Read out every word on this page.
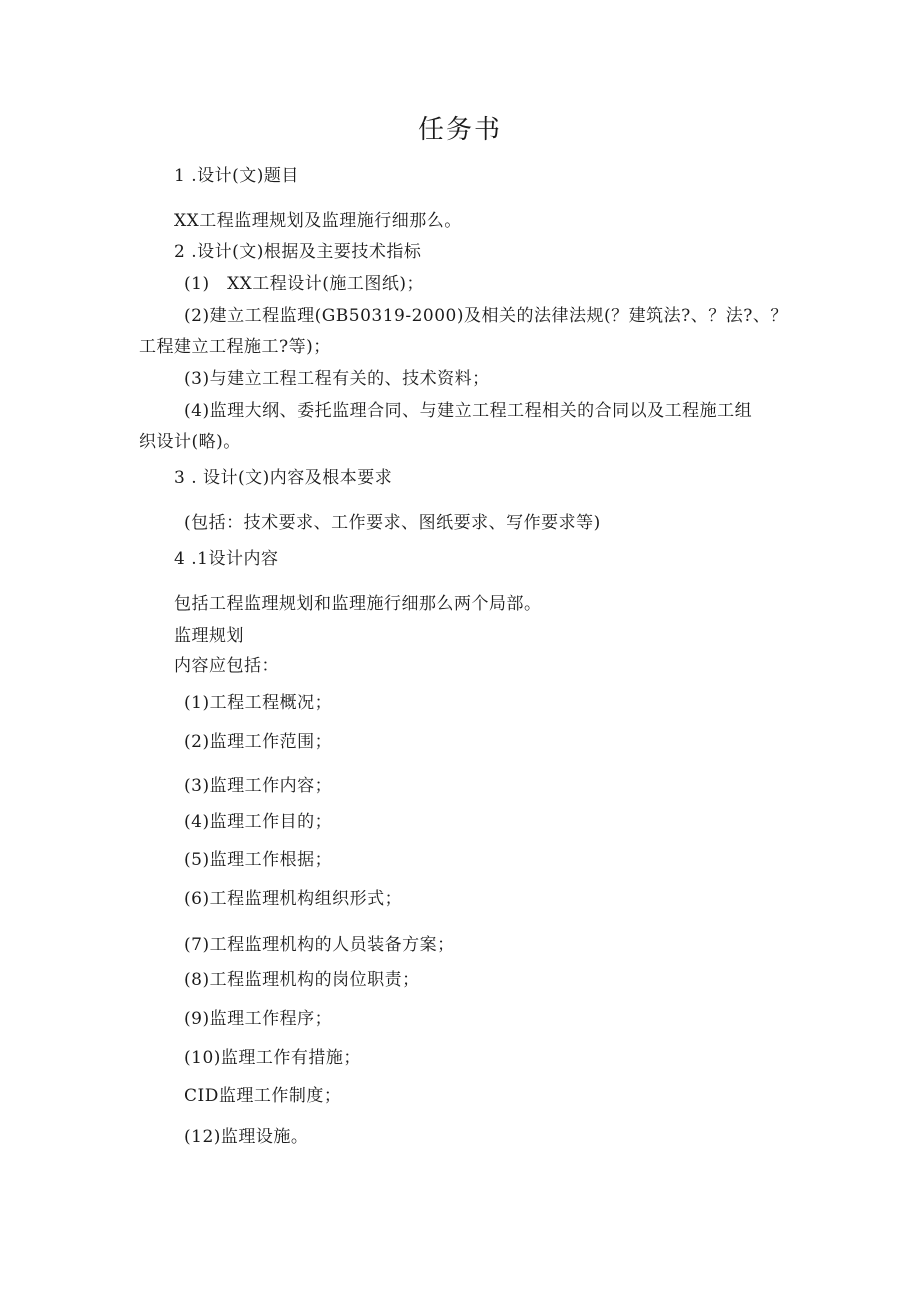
任务书
1 .设计(文)题目
XX工程监理规划及监理施行细那么。
2 .设计(文)根据及主要技术指标
(1)　XX工程设计(施工图纸)；
(2)建立工程监理(GB50319-2000)及相关的法律法规(？建筑法?、？法?、？
工程建立工程施工?等)；
(3)与建立工程工程有关的、技术资料；
(4)监理大纲、委托监理合同、与建立工程工程相关的合同以及工程施工组
织设计(略)。
3 . 设计(文)内容及根本要求
(包括：技术要求、工作要求、图纸要求、写作要求等)
4 .1设计内容
包括工程监理规划和监理施行细那么两个局部。
监理规划
内容应包括：
(1)工程工程概况；
(2)监理工作范围；
(3)监理工作内容；
(4)监理工作目的；
(5)监理工作根据；
(6)工程监理机构组织形式；
(7)工程监理机构的人员装备方案；
(8)工程监理机构的岗位职责；
(9)监理工作程序；
(10)监理工作有措施；
CID监理工作制度；
(12)监理设施。
